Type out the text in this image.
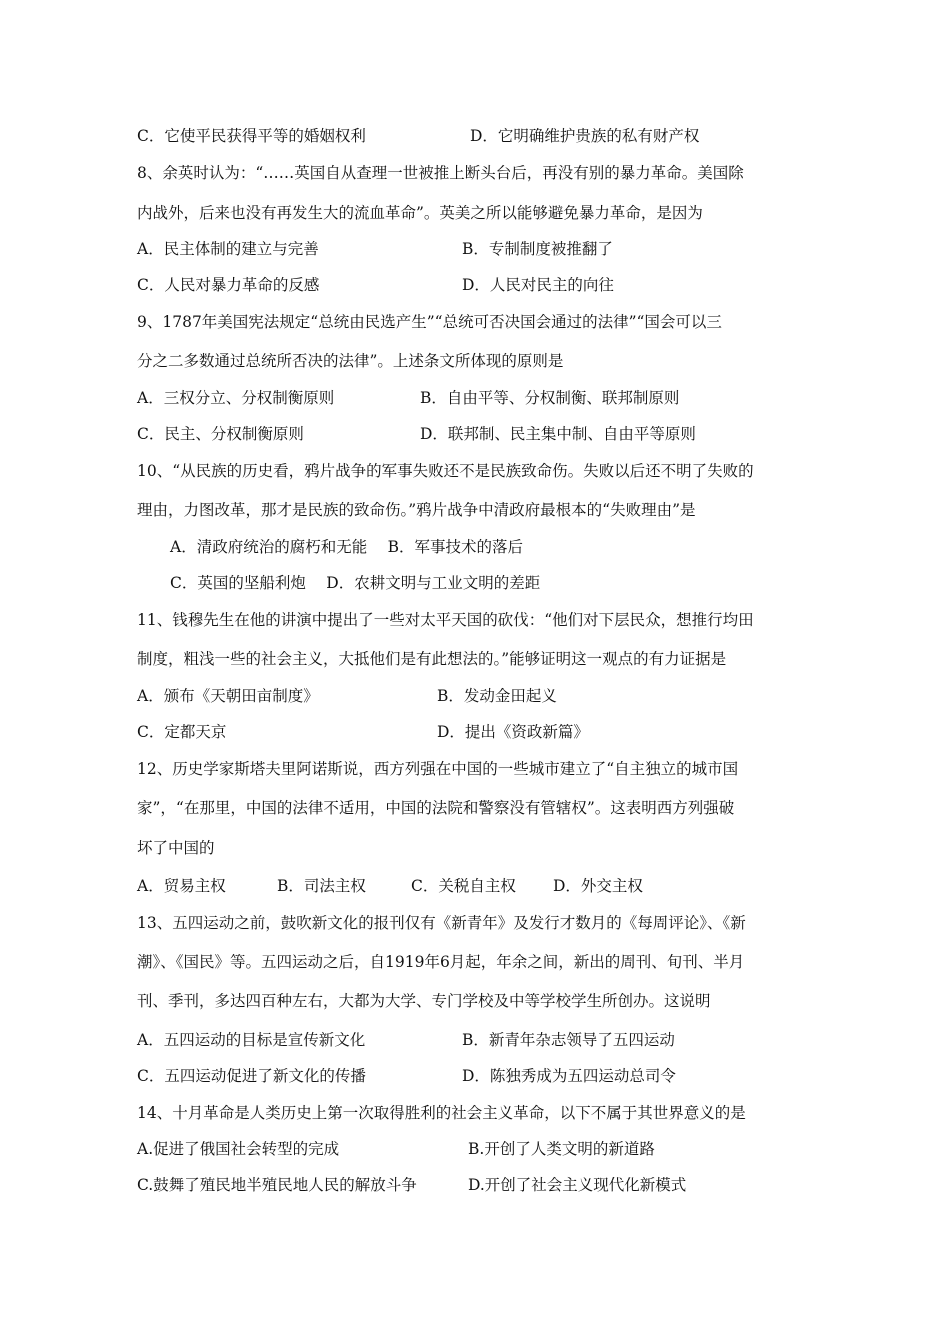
C．它使平民获得平等的婚姻权利	D．它明确维护贵族的私有财产权
8、余英时认为：“……英国自从查理一世被推上断头台后，再没有别的暴力革命。美国除
内战外，后来也没有再发生大的流血革命”。英美之所以能够避免暴力革命，是因为
A．民主体制的建立与完善	B．专制制度被推翻了
C．人民对暴力革命的反感	D．人民对民主的向往
9、1787年美国宪法规定“总统由民选产生”“总统可否决国会通过的法律”“国会可以三
分之二多数通过总统所否决的法律”。上述条文所体现的原则是
A．三权分立、分权制衡原则	B．自由平等、分权制衡、联邦制原则
C．民主、分权制衡原则	D．联邦制、民主集中制、自由平等原则
10、“从民族的历史看，鸦片战争的军事失败还不是民族致命伤。失败以后还不明了失败的
理由，力图改革，那才是民族的致命伤。”鸦片战争中清政府最根本的“失败理由”是
A．清政府统治的腐朽和无能　 B．军事技术的落后
C．英国的坚船利炮　 D．农耕文明与工业文明的差距
11、钱穆先生在他的讲演中提出了一些对太平天国的砍伐：“他们对下层民众，想推行均田
制度，粗浅一些的社会主义，大抵他们是有此想法的。”能够证明这一观点的有力证据是
A．颁布《天朝田亩制度》	B．发动金田起义
C．定都天京	D．提出《资政新篇》
12、历史学家斯塔夫里阿诺斯说，西方列强在中国的一些城市建立了“自主独立的城市国
家”，“在那里，中国的法律不适用，中国的法院和警察没有管辖权”。这表明西方列强破
坏了中国的
A．贸易主权	B．司法主权	C．关税自主权 D．外交主权
13、五四运动之前，鼓吹新文化的报刊仅有《新青年》及发行才数月的《每周评论》、《新
潮》、《国民》等。五四运动之后，自1919年6月起，年余之间，新出的周刊、旬刊、半月
刊、季刊，多达四百种左右，大都为大学、专门学校及中等学校学生所创办。这说明
A．五四运动的目标是宣传新文化	B．新青年杂志领导了五四运动
C．五四运动促进了新文化的传播	D．陈独秀成为五四运动总司令
14、十月革命是人类历史上第一次取得胜利的社会主义革命，以下不属于其世界意义的是
A.促进了俄国社会转型的完成	B.开创了人类文明的新道路
C.鼓舞了殖民地半殖民地人民的解放斗争	D.开创了社会主义现代化新模式
